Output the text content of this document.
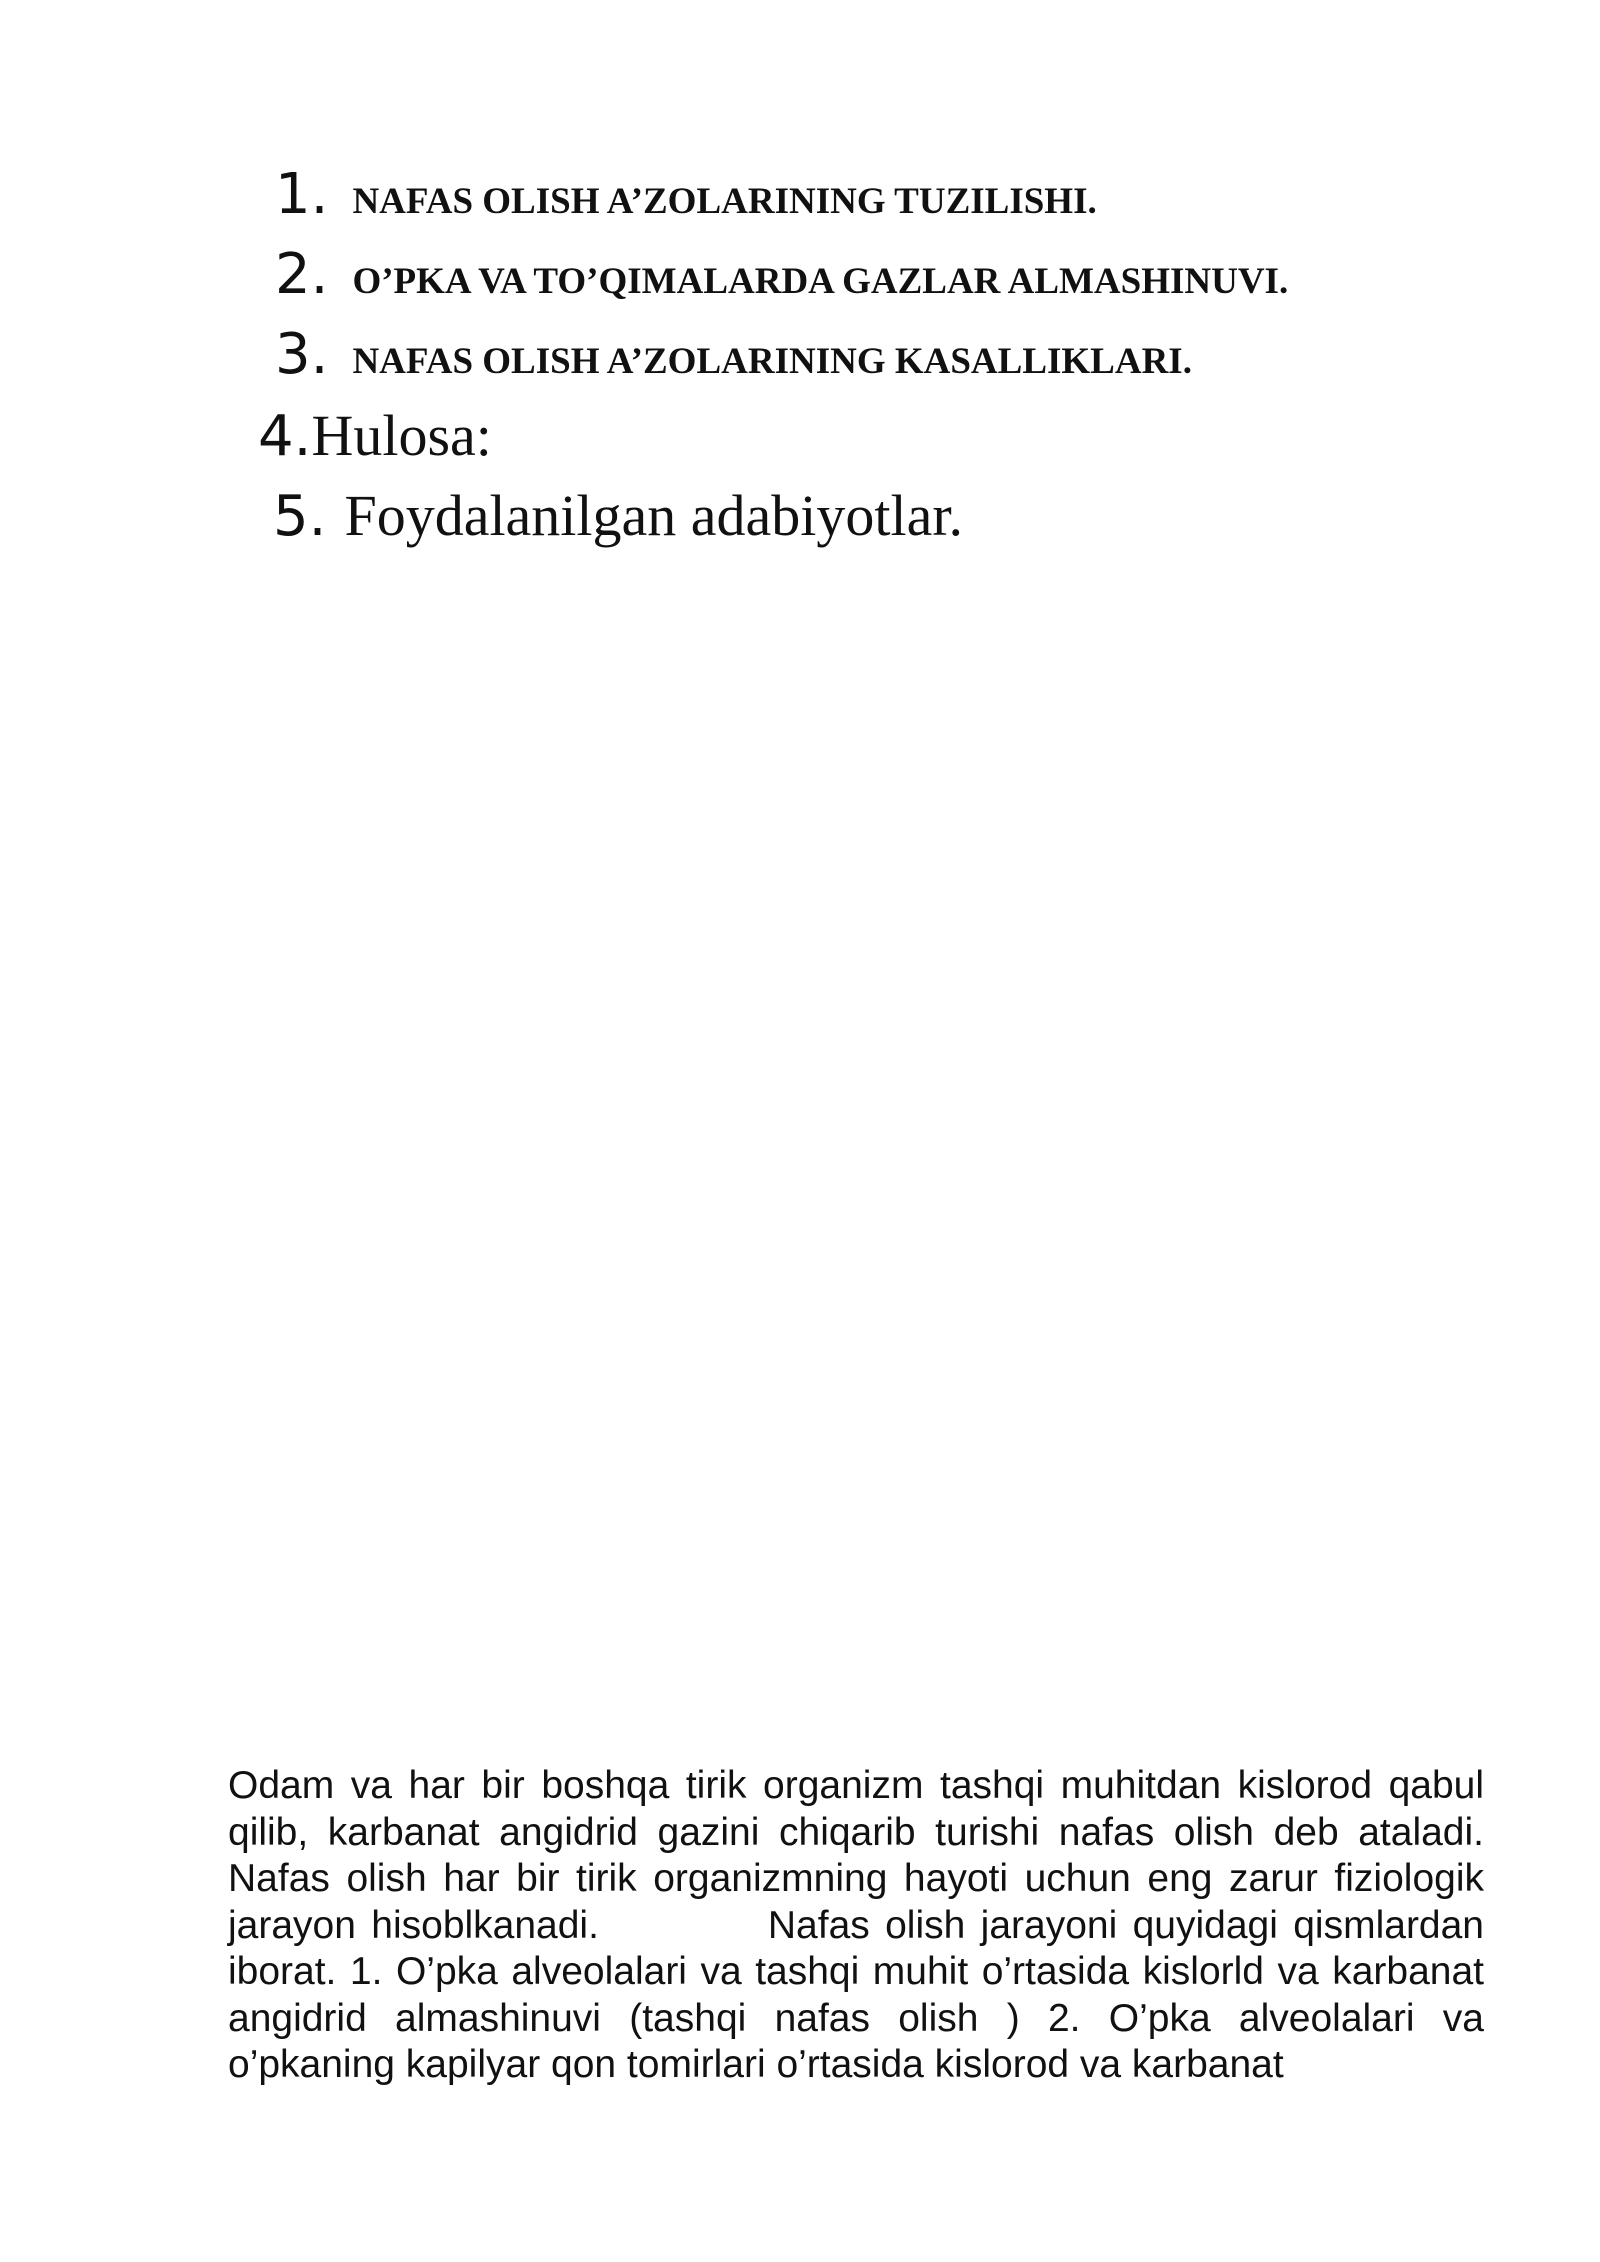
1. NAFAS OLISH A’ZOLARINING TUZILISHI.
2. O’PKA VA TO’QIMALARDA GAZLAR ALMASHINUVI.
3. NAFAS OLISH A’ZOLARINING KASALLIKLARI.
4. Hulosa:
5. Foydalanilgan adabiyotlar.

Odam va har bir boshqa tirik organizm tashqi muhitdan kislorod qabul qilib, karbanat angidrid gazini chiqarib turishi nafas olish deb ataladi. Nafas olish har bir tirik organizmning hayoti uchun eng zarur fiziologik jarayon hisoblkanadi.	Nafas olish jarayoni quyidagi qismlardan iborat. 1. O’pka alveolalari va tashqi muhit o’rtasida kislorld va karbanat angidrid almashinuvi (tashqi nafas olish ) 2. O’pka alveolalari va o’pkaning kapilyar qon tomirlari o’rtasida kislorod va karbanat
